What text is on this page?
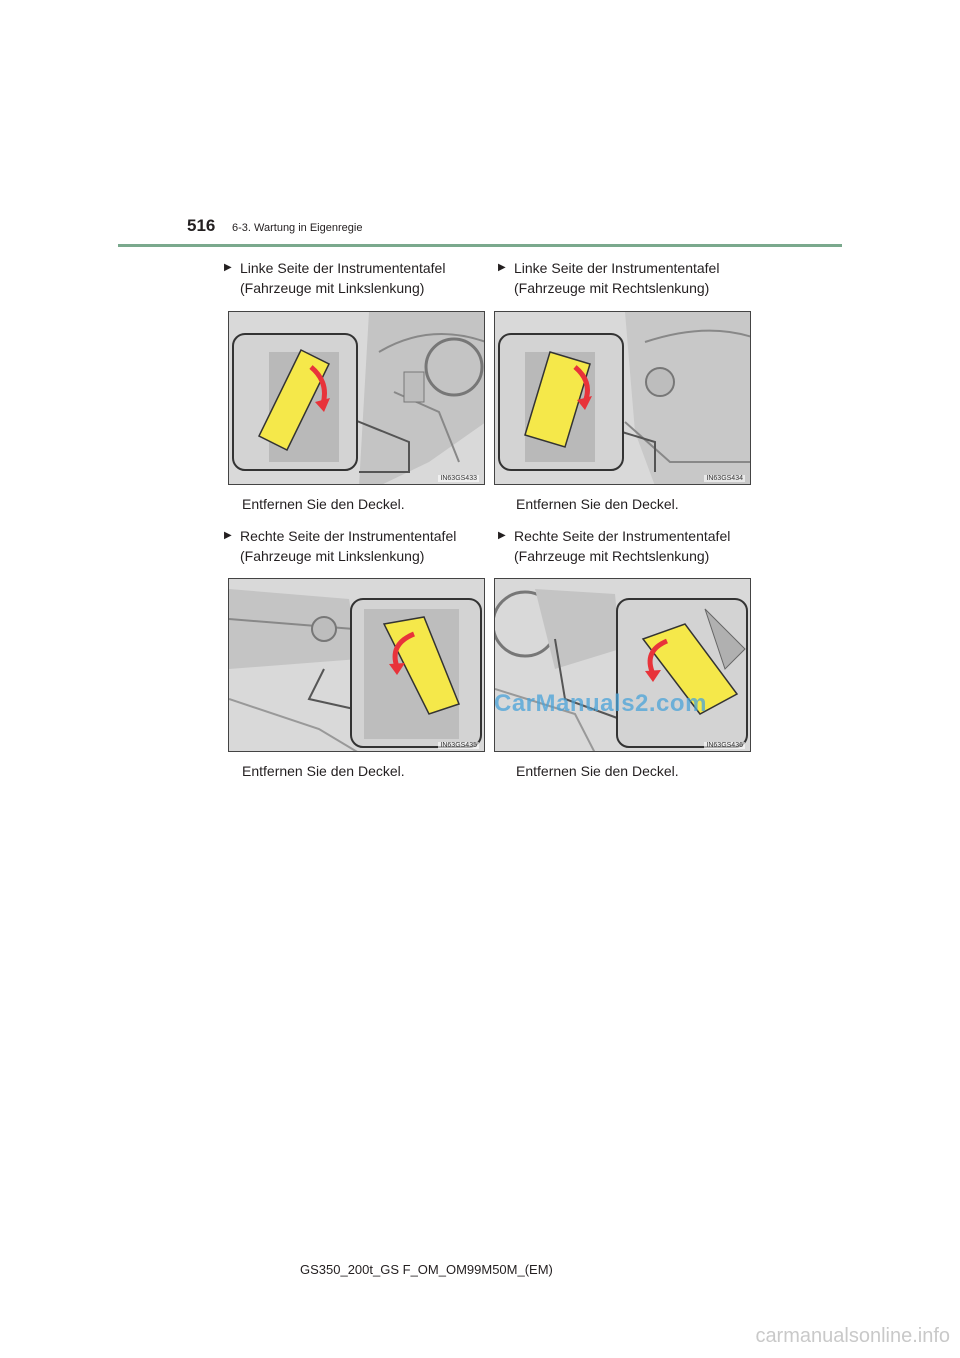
516 6-3. Wartung in Eigenregie
▶ Linke Seite der Instrumententafel
(Fahrzeuge mit Linkslenkung)
IN63GS433
Entfernen Sie den Deckel.
▶ Linke Seite der Instrumententafel
(Fahrzeuge mit Rechtslenkung)
IN63GS434
Entfernen Sie den Deckel.
▶ Rechte Seite der Instrumententafel
(Fahrzeuge mit Linkslenkung)
IN63GS435
Entfernen Sie den Deckel.
▶ Rechte Seite der Instrumententafel
(Fahrzeuge mit Rechtslenkung)
IN63GS436
Entfernen Sie den Deckel.
CarManuals2.com
GS350_200t_GS F_OM_OM99M50M_(EM)
carmanualsonline.info
